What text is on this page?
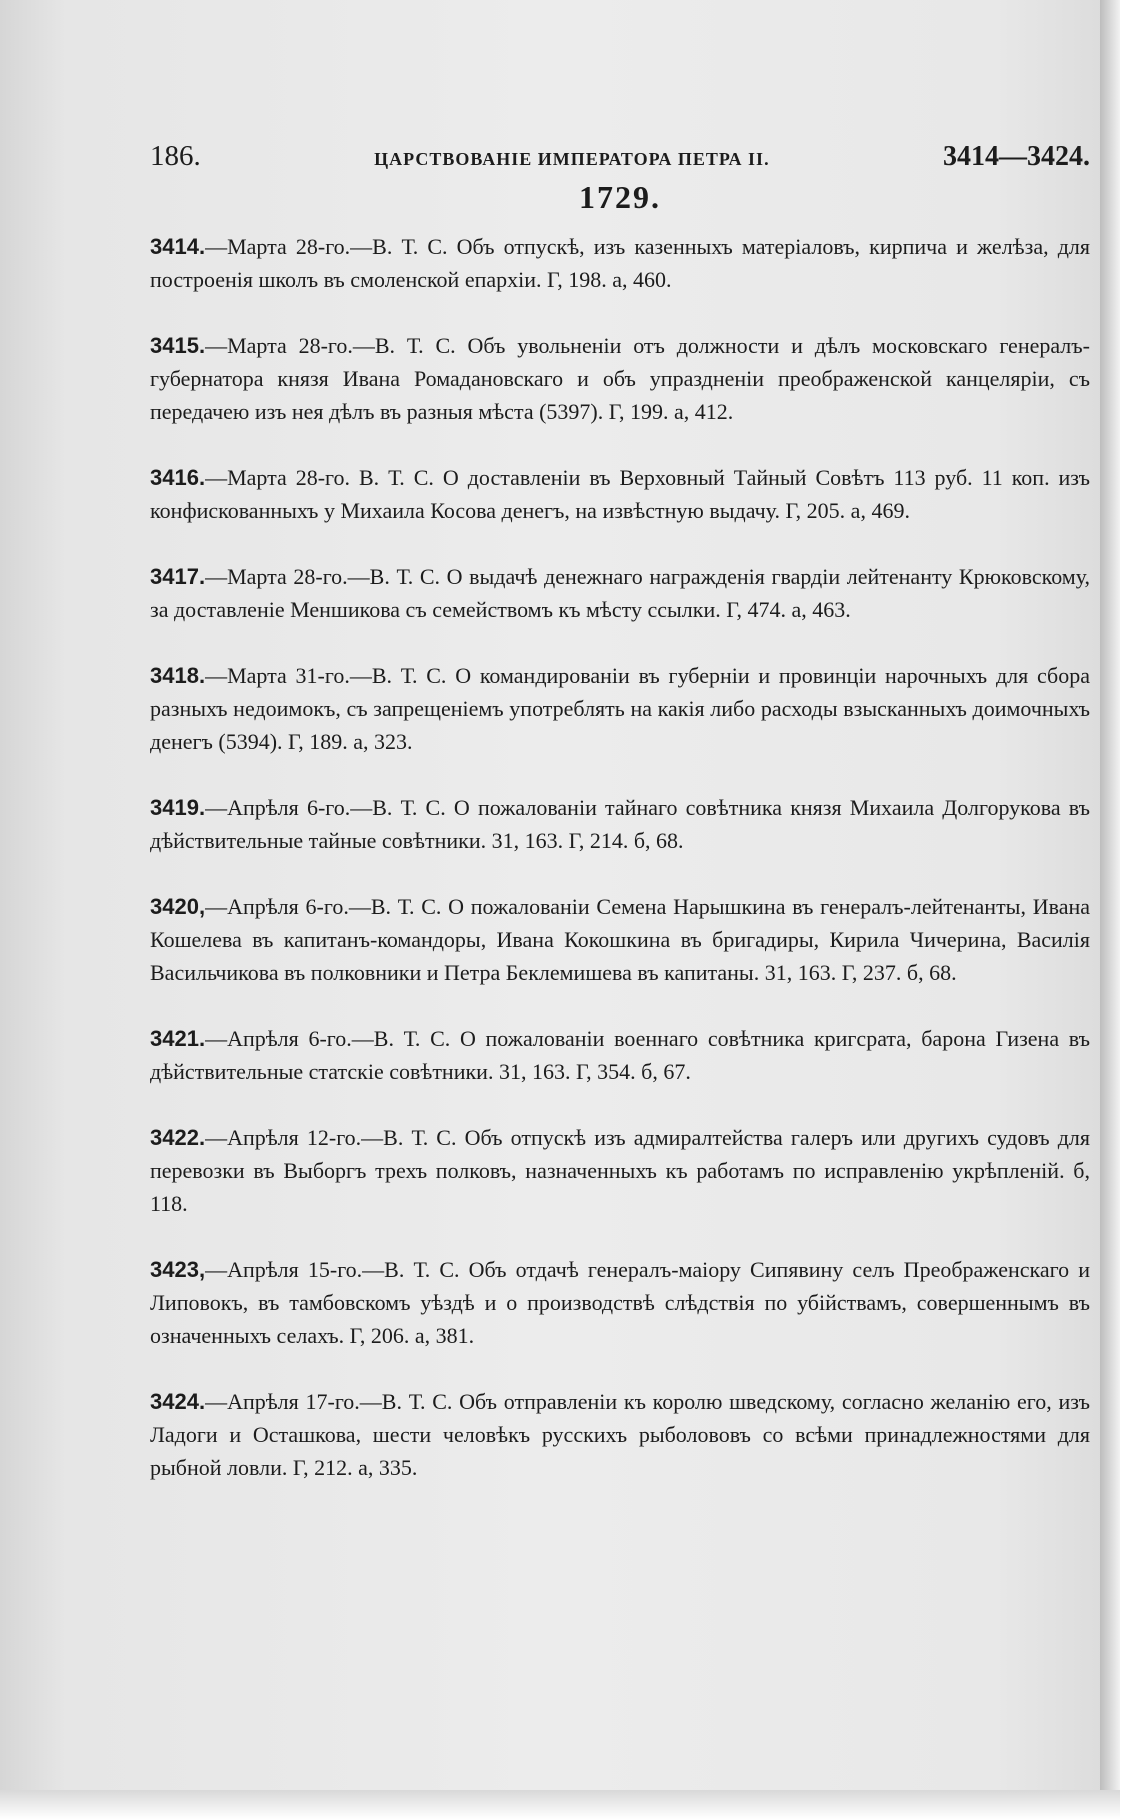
186.	ЦАРСТВОВАНІЕ ИМПЕРАТОРА ПЕТРА II.	3414—3424.
1729.
3414.—Марта 28-го.—В. Т. С. Объ отпускѣ, изъ казенныхъ матеріаловъ, кирпича и желѣза, для построенія школъ въ смоленской епархіи. Г, 198. а, 460.
3415.—Марта 28-го.—В. Т. С. Объ увольненіи отъ должности и дѣлъ московскаго генералъ-губернатора князя Ивана Ромадановскаго и объ упраздненіи преображенской канцеляріи, съ передачею изъ нея дѣлъ въ разныя мѣста (5397). Г, 199. а, 412.
3416.—Марта 28-го. В. Т. С. О доставленіи въ Верховный Тайный Совѣтъ 113 руб. 11 коп. изъ конфискованныхъ у Михаила Косова денегъ, на извѣстную выдачу. Г, 205. а, 469.
3417.—Марта 28-го.—В. Т. С. О выдачѣ денежнаго награжденія гвардіи лейтенанту Крюковскому, за доставленіе Меншикова съ семействомъ къ мѣсту ссылки. Г, 474. а, 463.
3418.—Марта 31-го.—В. Т. С. О командированіи въ губерніи и провинціи нарочныхъ для сбора разныхъ недоимокъ, съ запрещеніемъ употреблять на какія либо расходы взысканныхъ доимочныхъ денегъ (5394). Г, 189. а, 323.
3419.—Апрѣля 6-го.—В. Т. С. О пожалованіи тайнаго совѣтника князя Михаила Долгорукова въ дѣйствительные тайные совѣтники. 31, 163. Г, 214. б, 68.
3420,—Апрѣля 6-го.—В. Т. С. О пожалованіи Семена Нарышкина въ генералъ-лейтенанты, Ивана Кошелева въ капитанъ-командоры, Ивана Кокошкина въ бригадиры, Кирила Чичерина, Василія Васильчикова въ полковники и Петра Беклемишева въ капитаны. 31, 163. Г, 237. б, 68.
3421.—Апрѣля 6-го.—В. Т. С. О пожалованіи военнаго совѣтника кригсрата, барона Гизена въ дѣйствительные статскіе совѣтники. 31, 163. Г, 354. б, 67.
3422.—Апрѣля 12-го.—В. Т. С. Объ отпускѣ изъ адмиралтейства галеръ или другихъ судовъ для перевозки въ Выборгъ трехъ полковъ, назначенныхъ къ работамъ по исправленію укрѣпленій. б, 118.
3423,—Апрѣля 15-го.—В. Т. С. Объ отдачѣ генералъ-маіору Сипявину селъ Преображенскаго и Липовокъ, въ тамбовскомъ уѣздѣ и о производствѣ слѣдствія по убійствамъ, совершеннымъ въ означенныхъ селахъ. Г, 206. а, 381.
3424.—Апрѣля 17-го.—В. Т. С. Объ отправленіи къ королю шведскому, согласно желанію его, изъ Ладоги и Осташкова, шести человѣкъ русскихъ рыболововъ со всѣми принадлежностями для рыбной ловли. Г, 212. а, 335.
